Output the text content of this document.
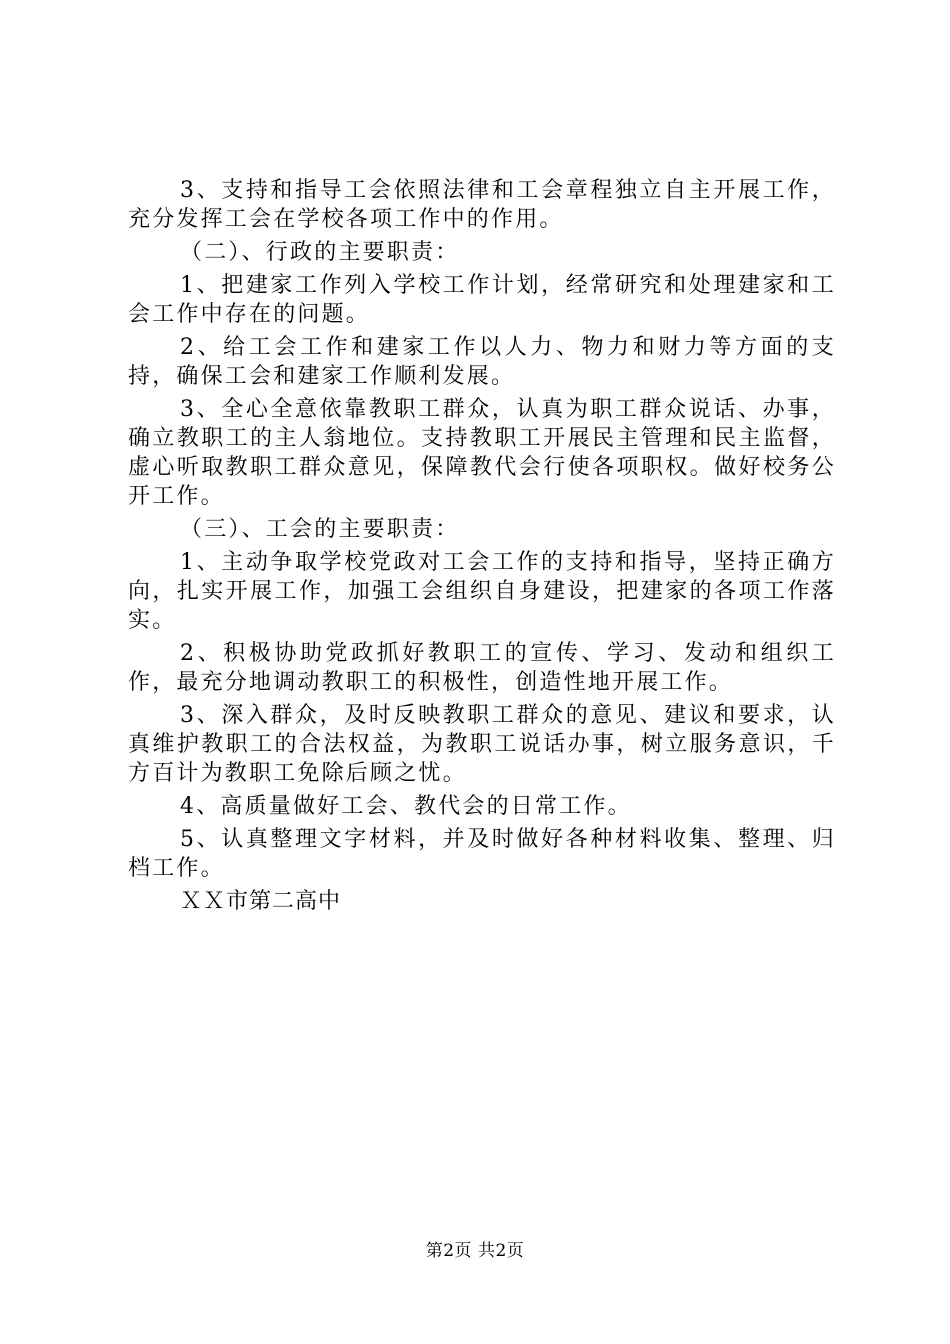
3、支持和指导工会依照法律和工会章程独立自主开展工作，充分发挥工会在学校各项工作中的作用。

（二）、行政的主要职责：

1、把建家工作列入学校工作计划，经常研究和处理建家和工会工作中存在的问题。

2、给工会工作和建家工作以人力、物力和财力等方面的支持，确保工会和建家工作顺利发展。

3、全心全意依靠教职工群众，认真为职工群众说话、办事，确立教职工的主人翁地位。支持教职工开展民主管理和民主监督，虚心听取教职工群众意见，保障教代会行使各项职权。做好校务公开工作。

（三）、工会的主要职责：

1、主动争取学校党政对工会工作的支持和指导，坚持正确方向，扎实开展工作，加强工会组织自身建设，把建家的各项工作落实。

2、积极协助党政抓好教职工的宣传、学习、发动和组织工作，最充分地调动教职工的积极性，创造性地开展工作。

3、深入群众，及时反映教职工群众的意见、建议和要求，认真维护教职工的合法权益，为教职工说话办事，树立服务意识，千方百计为教职工免除后顾之忧。

4、高质量做好工会、教代会的日常工作。

5、认真整理文字材料，并及时做好各种材料收集、整理、归档工作。

ＸＸ市第二高中

第2页 共2页
